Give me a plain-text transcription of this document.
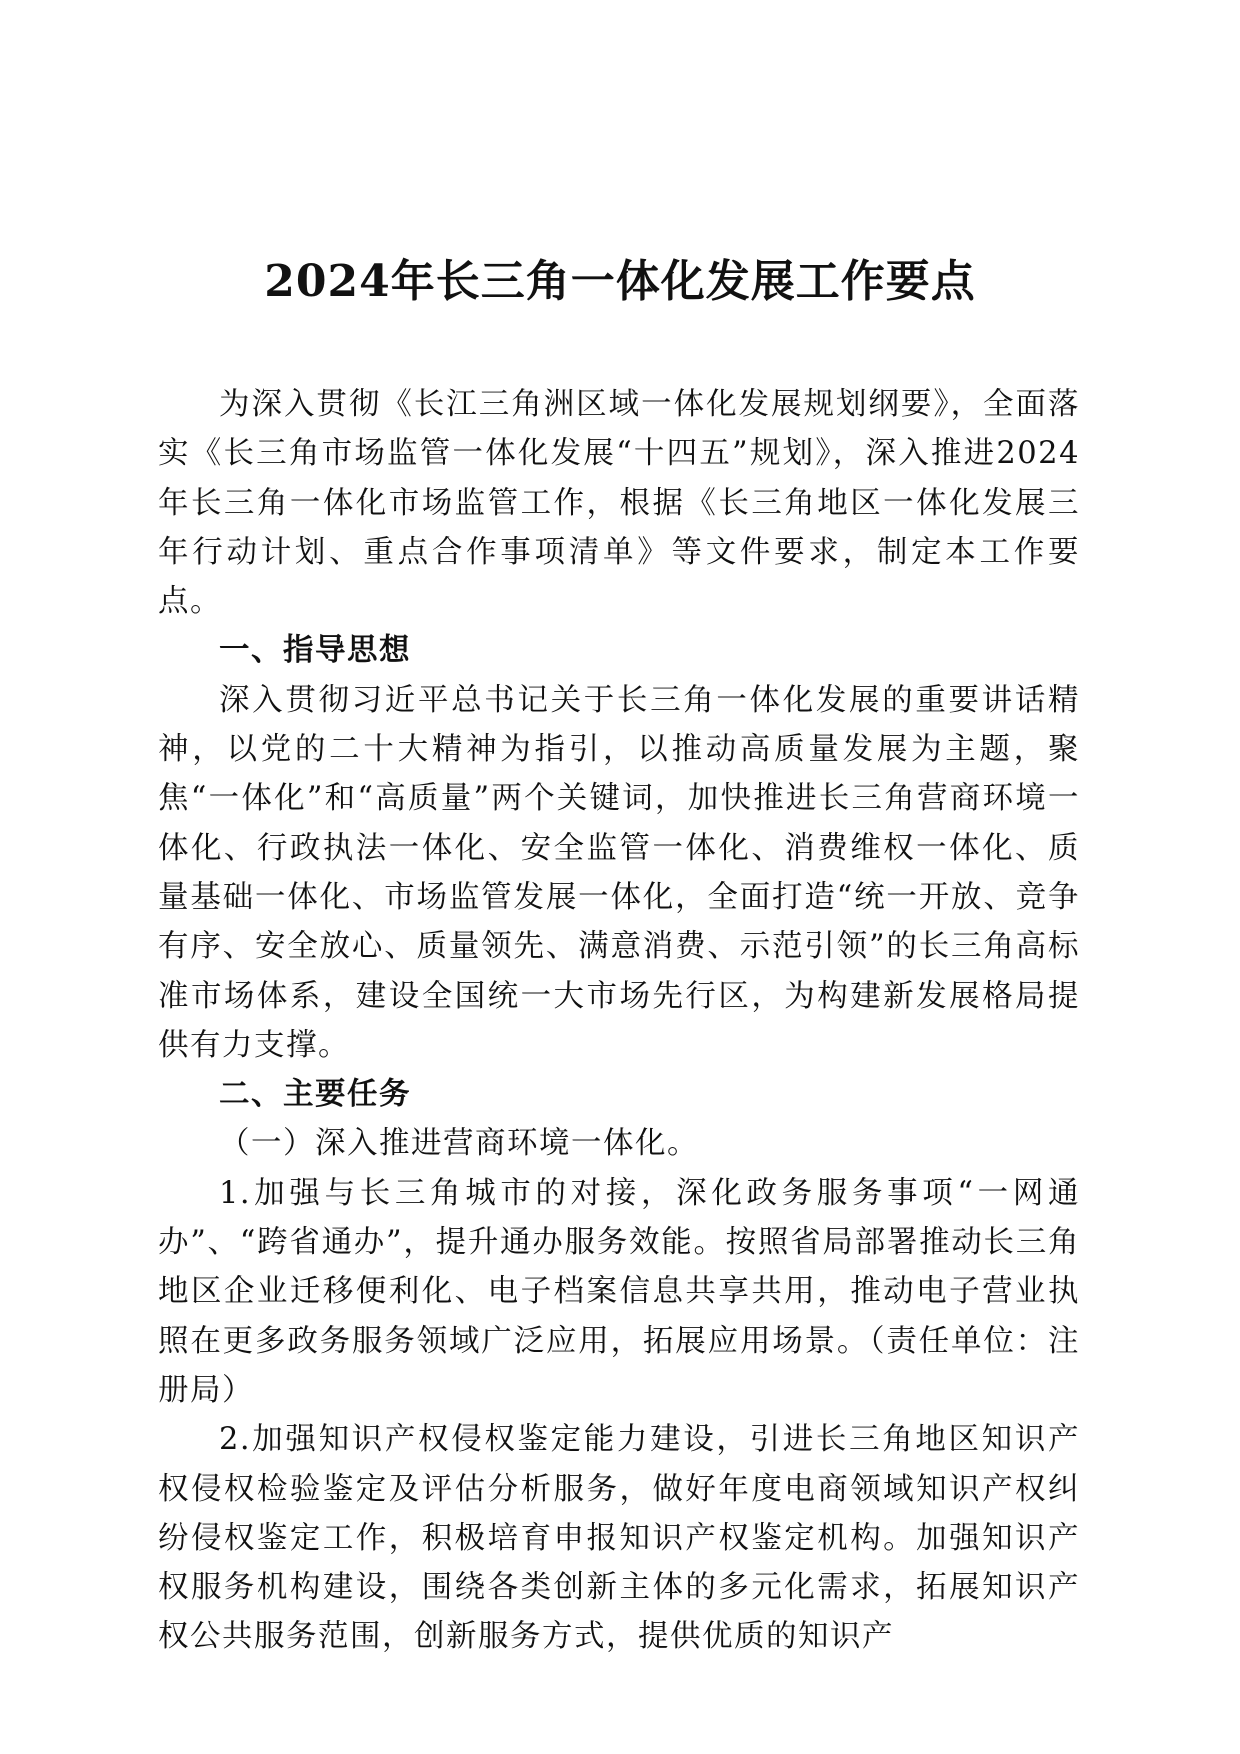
2024年长三角一体化发展工作要点

为深入贯彻《长江三角洲区域一体化发展规划纲要》，全面落实《长三角市场监管一体化发展“十四五”规划》，深入推进2024年长三角一体化市场监管工作，根据《长三角地区一体化发展三年行动计划、重点合作事项清单》等文件要求，制定本工作要点。

一、指导思想

深入贯彻习近平总书记关于长三角一体化发展的重要讲话精神，以党的二十大精神为指引，以推动高质量发展为主题，聚焦“一体化”和“高质量”两个关键词，加快推进长三角营商环境一体化、行政执法一体化、安全监管一体化、消费维权一体化、质量基础一体化、市场监管发展一体化，全面打造“统一开放、竞争有序、安全放心、质量领先、满意消费、示范引领”的长三角高标准市场体系，建设全国统一大市场先行区，为构建新发展格局提供有力支撑。

二、主要任务

（一）深入推进营商环境一体化。

1.加强与长三角城市的对接，深化政务服务事项“一网通办”、“跨省通办”，提升通办服务效能。按照省局部署推动长三角地区企业迁移便利化、电子档案信息共享共用，推动电子营业执照在更多政务服务领域广泛应用，拓展应用场景。（责任单位：注册局）

2.加强知识产权侵权鉴定能力建设，引进长三角地区知识产权侵权检验鉴定及评估分析服务，做好年度电商领域知识产权纠纷侵权鉴定工作，积极培育申报知识产权鉴定机构。加强知识产权服务机构建设，围绕各类创新主体的多元化需求，拓展知识产权公共服务范围，创新服务方式，提供优质的知识产
